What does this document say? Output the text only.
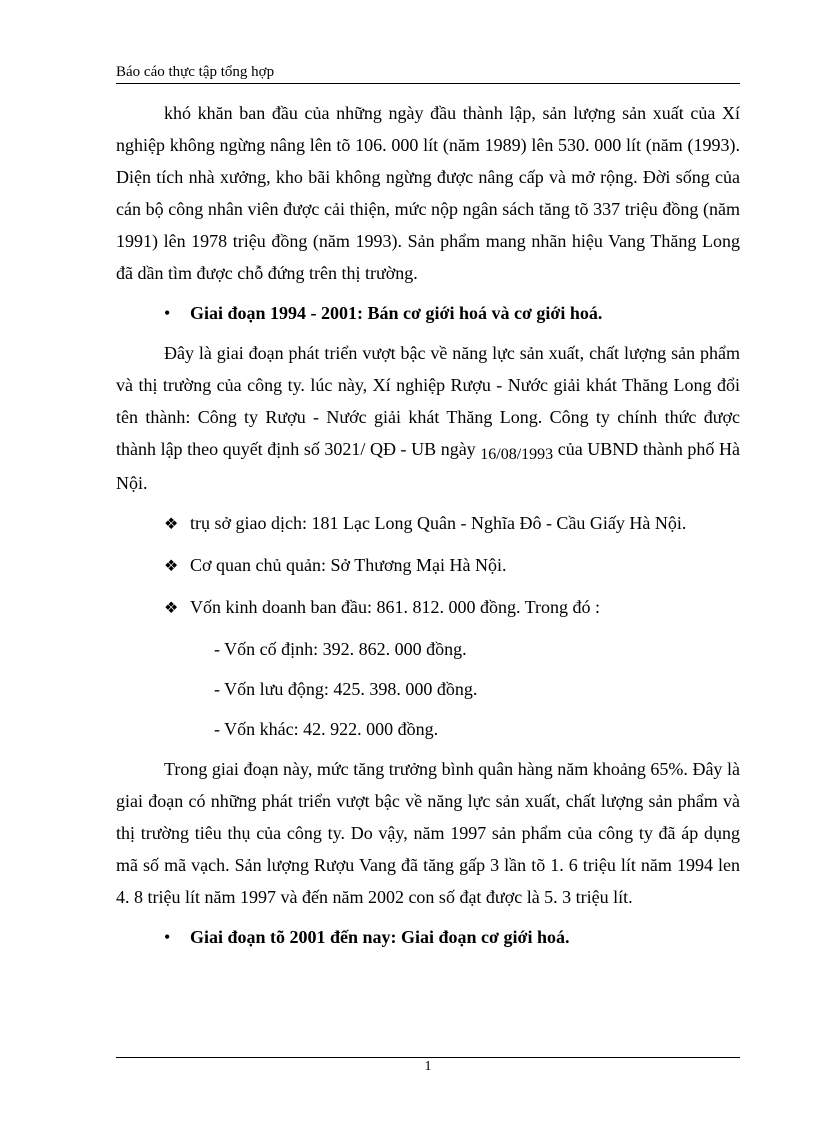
Báo cáo thực tập tổng hợp

khó khăn ban đầu của những ngày đầu thành lập, sản lượng sản xuất của Xí nghiệp không ngừng nâng lên tõ 106. 000 lít (năm 1989) lên 530. 000 lít (năm (1993). Diện tích nhà xưởng, kho bãi không ngừng được nâng cấp và mở rộng. Đời sống của cán bộ công nhân viên được cải thiện, mức nộp ngân sách tăng tõ 337 triệu đồng (năm 1991) lên 1978 triệu đồng (năm 1993). Sản phẩm mang nhãn hiệu Vang Thăng Long đã dần tìm được chỗ đứng trên thị trường.

•	Giai đoạn 1994 - 2001: Bán cơ giới hoá và cơ giới hoá.

Đây là giai đoạn phát triển vượt bậc về năng lực sản xuất, chất lượng sản phẩm và thị trường của công ty. lúc này, Xí nghiệp Rượu - Nước giải khát Thăng Long đổi tên thành: Công ty Rượu - Nước giải khát Thăng Long. Công ty chính thức được thành lập theo quyết định số 3021/ QĐ - UB ngày 16/08/1993 của UBND thành phố Hà Nội.

❖ trụ sở giao dịch: 181 Lạc Long Quân - Nghĩa Đô - Cầu Giấy Hà Nội.
❖ Cơ quan chủ quản: Sở Thương Mại Hà Nội.
❖ Vốn kinh doanh ban đầu: 861. 812. 000 đồng. Trong đó :
- Vốn cố định: 392. 862. 000 đồng.
- Vốn lưu động: 425. 398. 000 đồng.
- Vốn khác: 42. 922. 000 đồng.

Trong giai đoạn này, mức tăng trưởng bình quân hàng năm khoảng 65%. Đây là giai đoạn có những phát triển vượt bậc về năng lực sản xuất, chất lượng sản phẩm và thị trường tiêu thụ của công ty. Do vậy, năm 1997 sản phẩm của công ty đã áp dụng mã số mã vạch. Sản lượng Rượu Vang đã tăng gấp 3 lần tõ 1. 6 triệu lít năm 1994 len 4. 8 triệu lít năm 1997 và đến năm 2002 con số đạt được là 5. 3 triệu lít.

•	Giai đoạn tõ 2001 đến nay: Giai đoạn cơ giới hoá.
1
